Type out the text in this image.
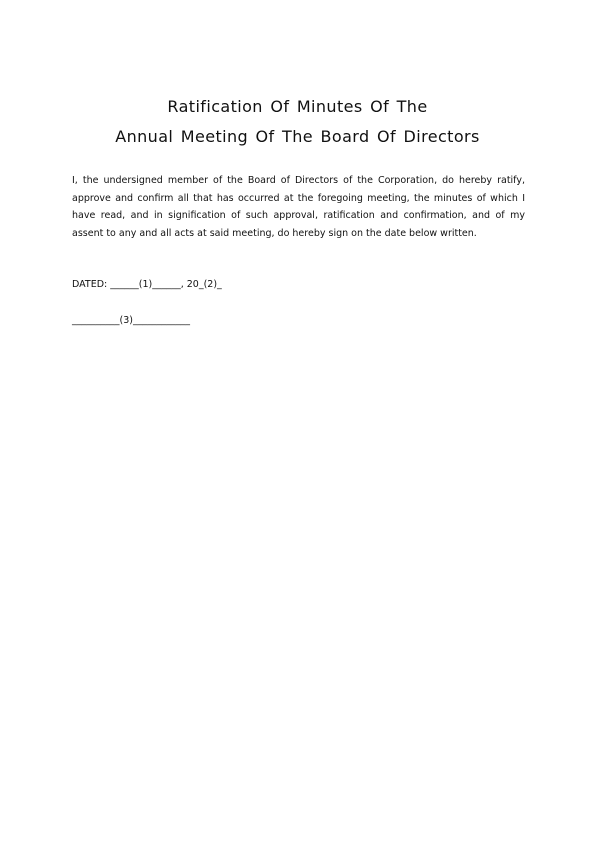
Ratification Of Minutes Of The
Annual Meeting Of The Board Of Directors

I, the undersigned member of the Board of Directors of the Corporation, do hereby ratify, approve and confirm all that has occurred at the foregoing meeting, the minutes of which I have read, and in signification of such approval, ratification and confirmation, and of my assent to any and all acts at said meeting, do hereby sign on the date below written.

DATED: ______(1)______, 20_(2)_

__________(3)____________
